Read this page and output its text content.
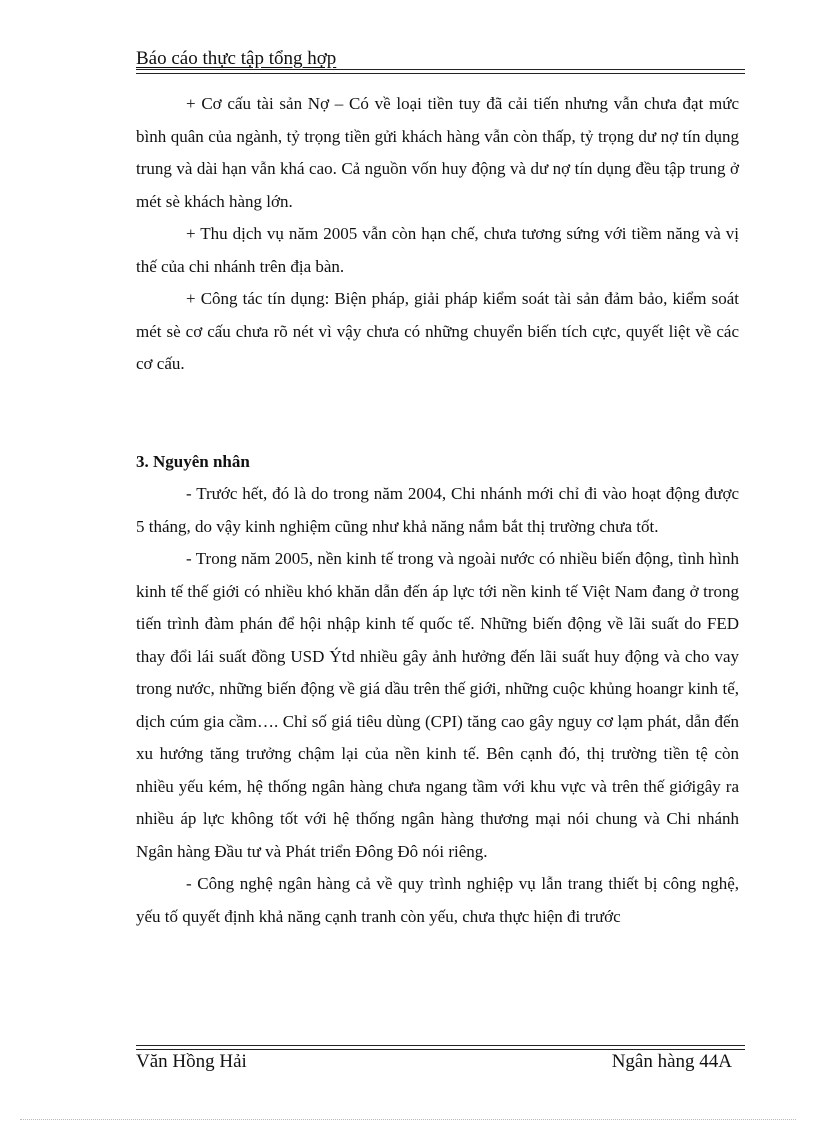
Báo cáo thực tập tổng hợp

+ Cơ cấu tài sản Nợ – Có về loại tiền tuy đã cải tiến nhưng vẫn chưa đạt mức bình quân của ngành, tỷ trọng tiền gửi khách hàng vẫn còn thấp, tỷ trọng dư nợ tín dụng trung và dài hạn vẫn khá cao. Cả nguồn vốn huy động và dư nợ tín dụng đều tập trung ở mét sè khách hàng lớn.

+ Thu dịch vụ năm 2005 vẫn còn hạn chế, chưa tương sứng với tiềm năng và vị thế của chi nhánh trên địa bàn.

+ Công tác tín dụng: Biện pháp, giải pháp kiểm soát tài sản đảm bảo, kiểm soát mét sè cơ cấu chưa rõ nét vì vậy chưa có những chuyển biến tích cực, quyết liệt về các cơ cấu.

3. Nguyên nhân

- Trước hết, đó là do trong năm 2004, Chi nhánh mới chỉ đi vào hoạt động được 5 tháng, do vậy kinh nghiệm cũng như khả năng nắm bắt thị trường chưa tốt.

- Trong năm 2005, nền kinh tế trong và ngoài nước có nhiều biến động, tình hình kinh tế thế giới có nhiều khó khăn dẫn đến áp lực tới nền kinh tế Việt Nam đang ở trong tiến trình đàm phán để hội nhập kinh tế quốc tế. Những biến động về lãi suất do FED thay đổi lái suất đồng USD Ýtd nhiều gây ảnh hưởng đến lãi suất huy động và cho vay trong nước, những biến động về giá dầu trên thế giới, những cuộc khủng hoangr kinh tế, dịch cúm gia cầm…. Chỉ số giá tiêu dùng (CPI) tăng cao gây nguy cơ lạm phát, dẫn đến xu hướng tăng trưởng chậm lại của nền kinh tế. Bên cạnh đó, thị trường tiền tệ còn nhiều yếu kém, hệ thống ngân hàng chưa ngang tầm với khu vực và trên thế giớigây ra nhiều áp lực không tốt với hệ thống ngân hàng thương mại nói chung và Chi nhánh Ngân hàng Đầu tư và Phát triển Đông Đô nói riêng.

- Công nghệ ngân hàng cả về quy trình nghiệp vụ lẫn trang thiết bị công nghệ, yếu tố quyết định khả năng cạnh tranh còn yếu, chưa thực hiện đi trước

Văn Hồng Hải	Ngân hàng 44A
